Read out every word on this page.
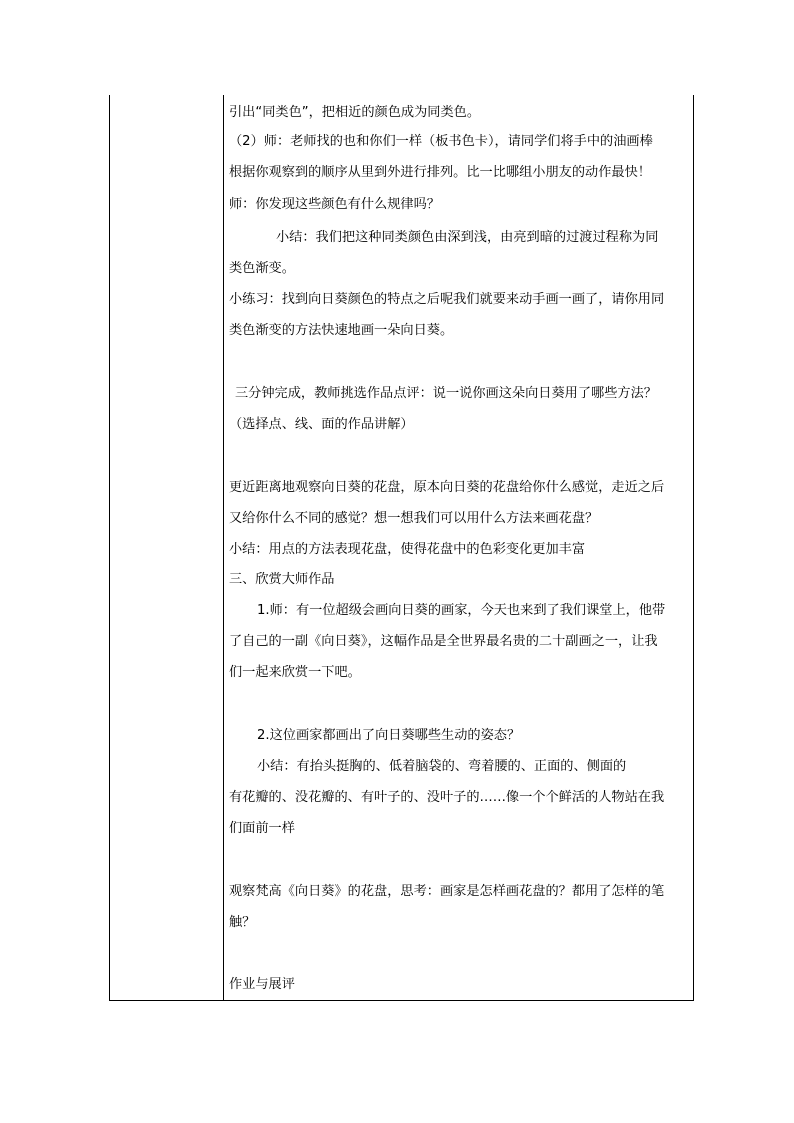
引出“同类色”，把相近的颜色成为同类色。
（2）师：老师找的也和你们一样（板书色卡），请同学们将手中的油画棒
根据你观察到的顺序从里到外进行排列。比一比哪组小朋友的动作最快！
师：你发现这些颜色有什么规律吗？
小结：我们把这种同类颜色由深到浅，由亮到暗的过渡过程称为同
类色渐变。
小练习：找到向日葵颜色的特点之后呢我们就要来动手画一画了，请你用同
类色渐变的方法快速地画一朵向日葵。
三分钟完成，教师挑选作品点评：说一说你画这朵向日葵用了哪些方法？
（选择点、线、面的作品讲解）
更近距离地观察向日葵的花盘，原本向日葵的花盘给你什么感觉，走近之后
又给你什么不同的感觉？想一想我们可以用什么方法来画花盘？
小结：用点的方法表现花盘，使得花盘中的色彩变化更加丰富
三、欣赏大师作品
1.师：有一位超级会画向日葵的画家，今天也来到了我们课堂上，他带
了自己的一副《向日葵》，这幅作品是全世界最名贵的二十副画之一，让我
们一起来欣赏一下吧。
2.这位画家都画出了向日葵哪些生动的姿态？
小结：有抬头挺胸的、低着脑袋的、弯着腰的、正面的、侧面的
有花瓣的、没花瓣的、有叶子的、没叶子的……像一个个鲜活的人物站在我
们面前一样
观察梵高《向日葵》的花盘，思考：画家是怎样画花盘的？都用了怎样的笔
触？
作业与展评
